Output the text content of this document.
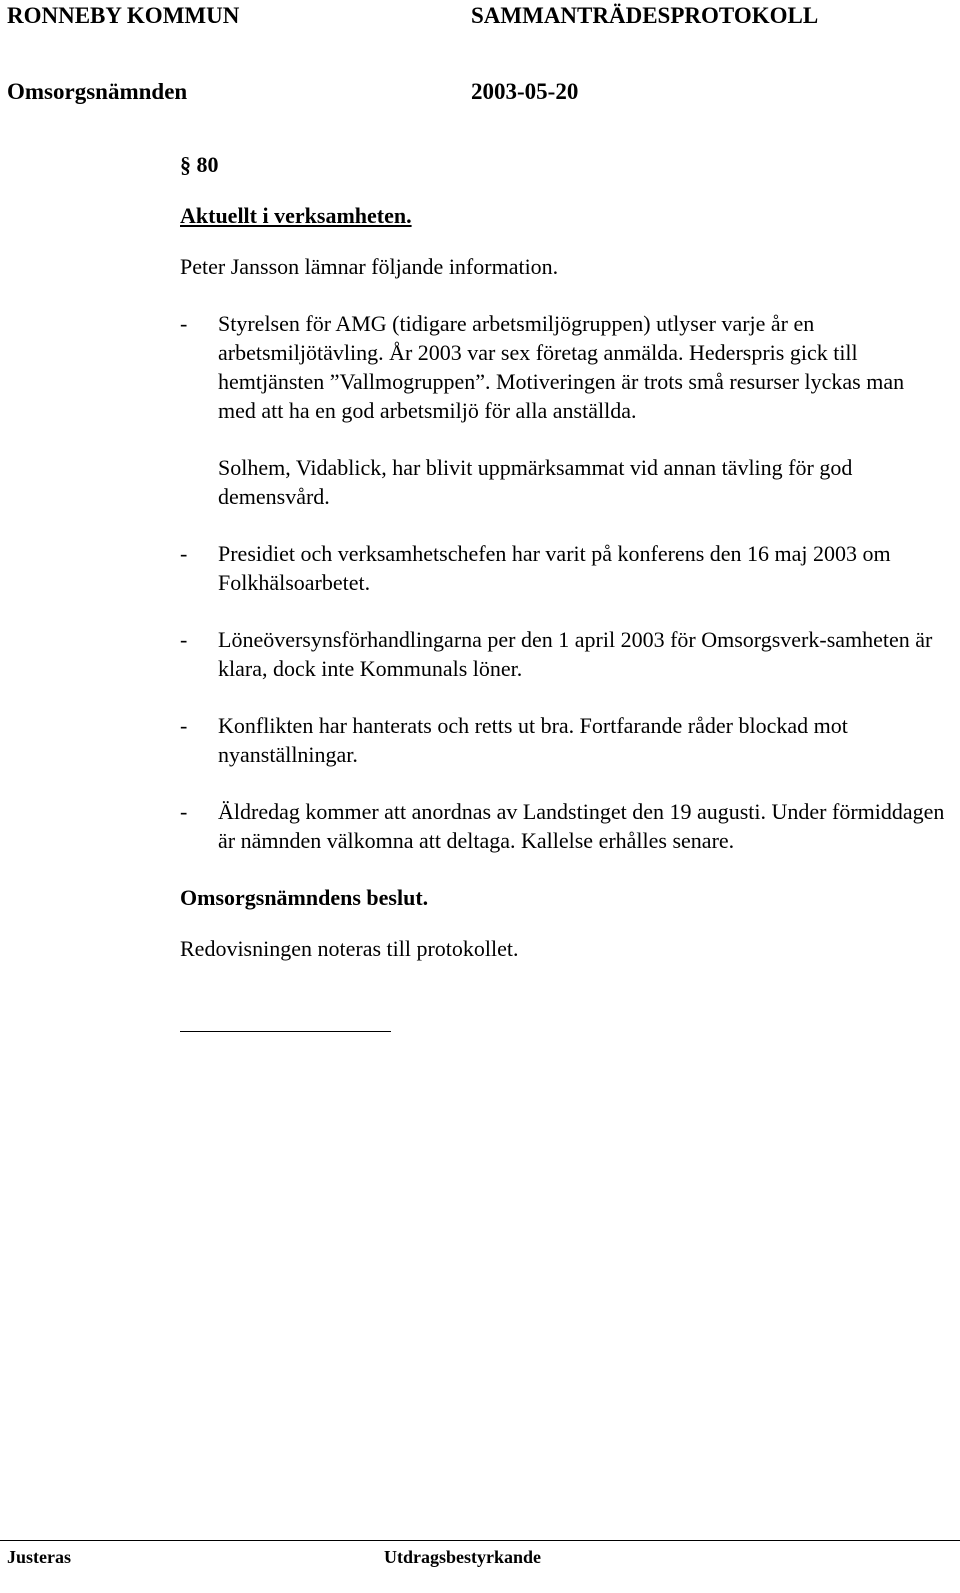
RONNEBY KOMMUN	SAMMANTRÄDESPROTOKOLL
Omsorgsnämnden	2003-05-20
§ 80
Aktuellt i verksamheten.
Peter Jansson lämnar följande information.
- Styrelsen för AMG (tidigare arbetsmiljögruppen) utlyser varje år en arbetsmiljötävling. År 2003 var sex företag anmälda. Hederspris gick till hemtjänsten ”Vallmogruppen”. Motiveringen är trots små resurser lyckas man med att ha en god arbetsmiljö för alla anställda.
Solhem, Vidablick, har blivit uppmärksammat vid annan tävling för god demensvård.
- Presidiet och verksamhetschefen har varit på konferens den 16 maj 2003 om Folkhälsoarbetet.
- Löneöversynsförhandlingarna per den 1 april 2003 för Omsorgsverk-samheten är klara, dock inte Kommunals löner.
- Konflikten har hanterats och retts ut bra. Fortfarande råder blockad mot nyanställningar.
- Äldredag kommer att anordnas av Landstinget den 19 augusti. Under förmiddagen är nämnden välkomna att deltaga. Kallelse erhålles senare.
Omsorgsnämndens beslut.
Redovisningen noteras till protokollet.
Justeras	Utdragsbestyrkande
